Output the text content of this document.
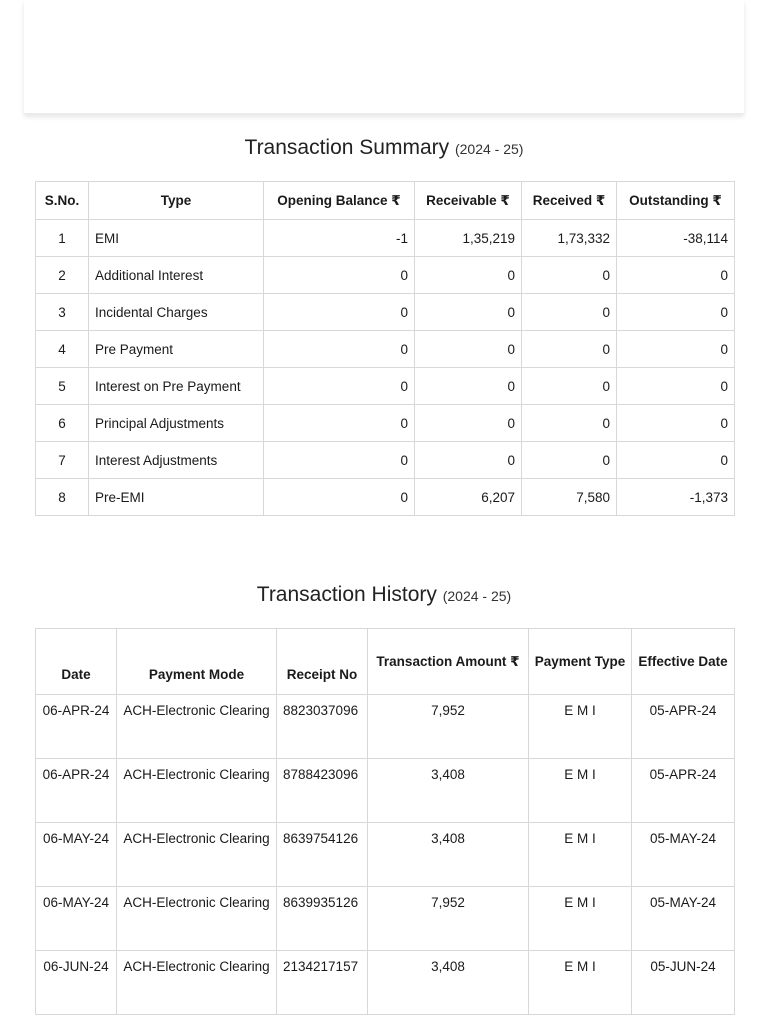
Transaction Summary (2024 - 25)
S.No.	Type	Opening Balance ₹	Receivable ₹	Received ₹	Outstanding ₹
1	EMI	-1	1,35,219	1,73,332	-38,114
2	Additional Interest	0	0	0	0
3	Incidental Charges	0	0	0	0
4	Pre Payment	0	0	0	0
5	Interest on Pre Payment	0	0	0	0
6	Principal Adjustments	0	0	0	0
7	Interest Adjustments	0	0	0	0
8	Pre-EMI	0	6,207	7,580	-1,373
Transaction History (2024 - 25)
Date	Payment Mode	Receipt No	Transaction Amount ₹	Payment Type	Effective Date
06-APR-24	ACH-Electronic Clearing	8823037096	7,952	E M I	05-APR-24
06-APR-24	ACH-Electronic Clearing	8788423096	3,408	E M I	05-APR-24
06-MAY-24	ACH-Electronic Clearing	8639754126	3,408	E M I	05-MAY-24
06-MAY-24	ACH-Electronic Clearing	8639935126	7,952	E M I	05-MAY-24
06-JUN-24	ACH-Electronic Clearing	2134217157	3,408	E M I	05-JUN-24
